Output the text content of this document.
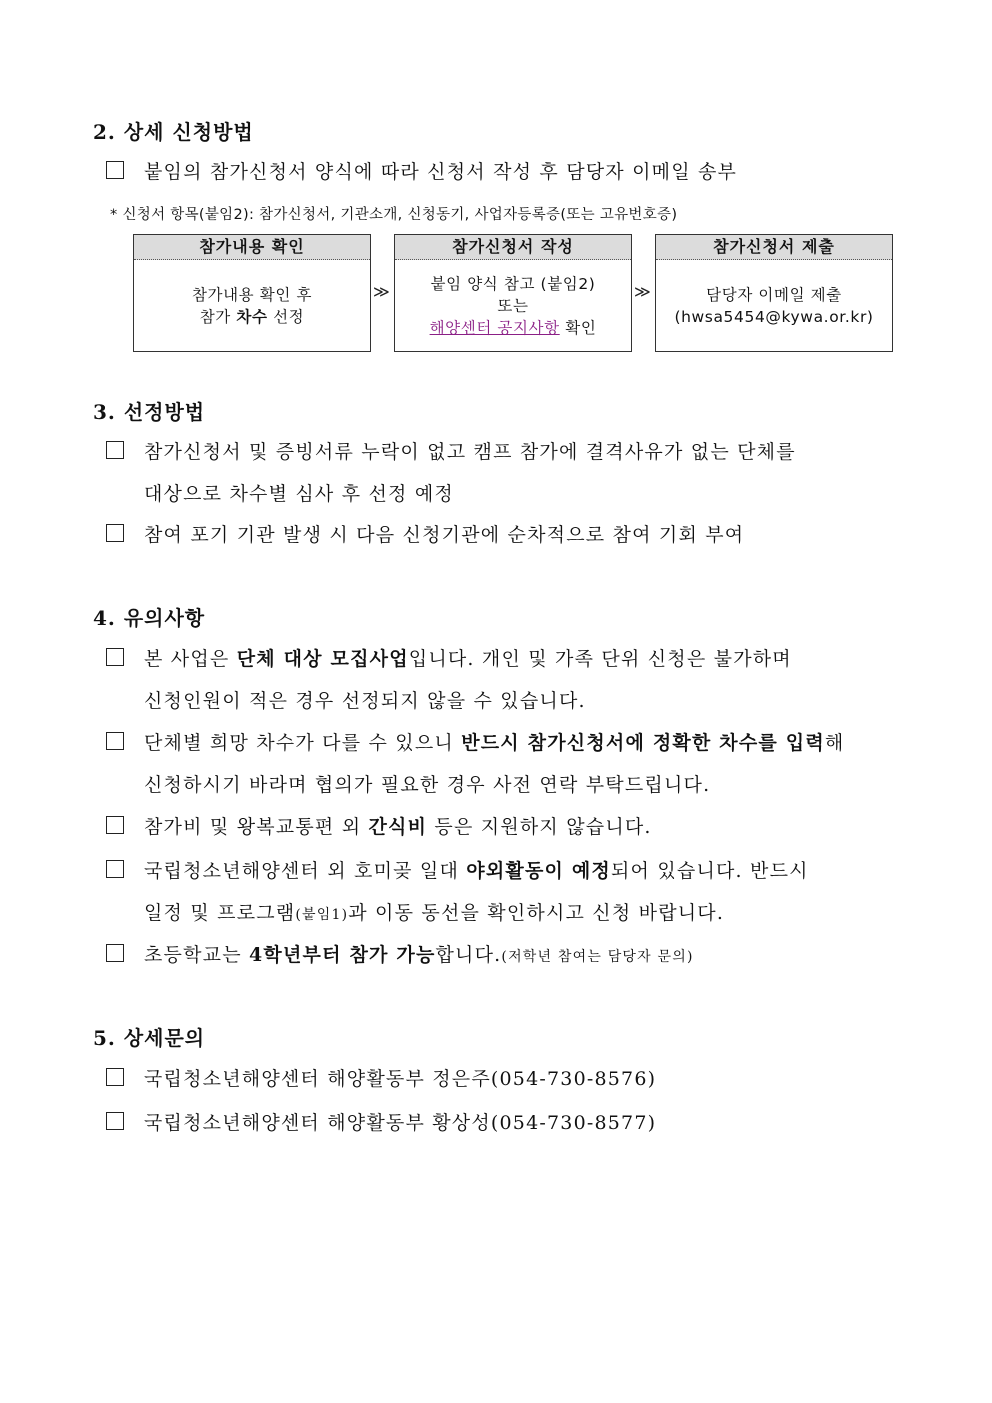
2. 상세 신청방법
붙임의 참가신청서 양식에 따라 신청서 작성 후 담당자 이메일 송부
* 신청서 항목(붙임2): 참가신청서, 기관소개, 신청동기, 사업자등록증(또는 고유번호증)
참가내용 확인
참가내용 확인 후
참가 차수 선정
≫
참가신청서 작성
붙임 양식 참고 (붙임2)
또는
해양센터 공지사항 확인
≫
참가신청서 제출
담당자 이메일 제출
(hwsa5454@kywa.or.kr)
3. 선정방법
참가신청서 및 증빙서류 누락이 없고 캠프 참가에 결격사유가 없는 단체를
대상으로 차수별 심사 후 선정 예정
참여 포기 기관 발생 시 다음 신청기관에 순차적으로 참여 기회 부여
4. 유의사항
본 사업은 단체 대상 모집사업입니다. 개인 및 가족 단위 신청은 불가하며
신청인원이 적은 경우 선정되지 않을 수 있습니다.
단체별 희망 차수가 다를 수 있으니 반드시 참가신청서에 정확한 차수를 입력해
신청하시기 바라며 협의가 필요한 경우 사전 연락 부탁드립니다.
참가비 및 왕복교통편 외 간식비 등은 지원하지 않습니다.
국립청소년해양센터 외 호미곶 일대 야외활동이 예정되어 있습니다. 반드시
일정 및 프로그램(붙임1)과 이동 동선을 확인하시고 신청 바랍니다.
초등학교는 4학년부터 참가 가능합니다.(저학년 참여는 담당자 문의)
5. 상세문의
국립청소년해양센터 해양활동부 정은주(054-730-8576)
국립청소년해양센터 해양활동부 황상성(054-730-8577)
